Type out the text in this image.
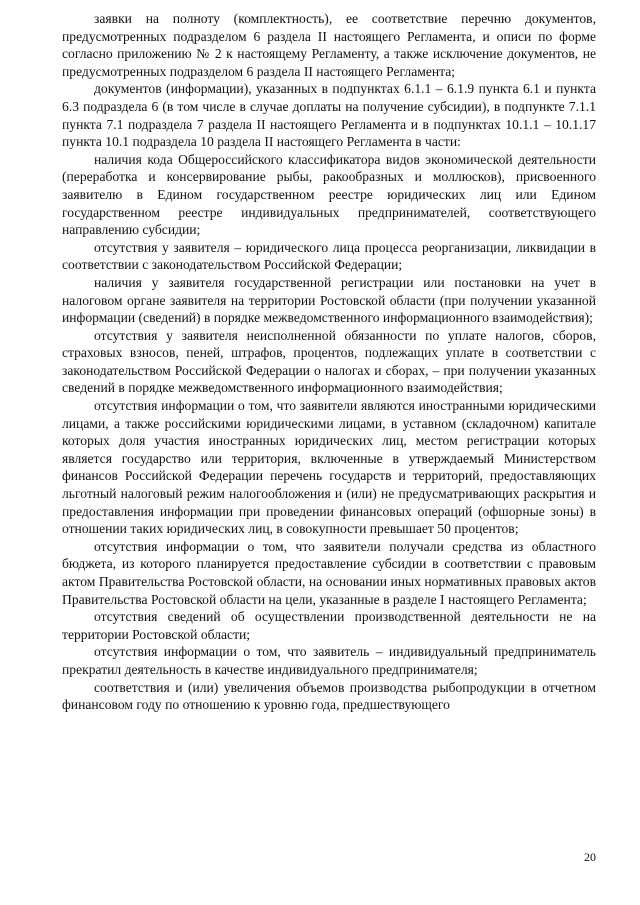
заявки на полноту (комплектность), ее соответствие перечню документов, предусмотренных подразделом 6 раздела II настоящего Регламента, и описи по форме согласно приложению № 2 к настоящему Регламенту, а также исключение документов, не предусмотренных подразделом 6 раздела II настоящего Регламента;

документов (информации), указанных в подпунктах 6.1.1 – 6.1.9 пункта 6.1 и пункта 6.3 подраздела 6 (в том числе в случае доплаты на получение субсидии), в подпункте 7.1.1 пункта 7.1 подраздела 7 раздела II настоящего Регламента и в подпунктах 10.1.1 – 10.1.17 пункта 10.1 подраздела 10 раздела II настоящего Регламента в части:

наличия кода Общероссийского классификатора видов экономической деятельности (переработка и консервирование рыбы, ракообразных и моллюсков), присвоенного заявителю в Едином государственном реестре юридических лиц или Едином государственном реестре индивидуальных предпринимателей, соответствующего направлению субсидии;

отсутствия у заявителя – юридического лица процесса реорганизации, ликвидации в соответствии с законодательством Российской Федерации;

наличия у заявителя государственной регистрации или постановки на учет в налоговом органе заявителя на территории Ростовской области (при получении указанной информации (сведений) в порядке межведомственного информационного взаимодействия);

отсутствия у заявителя неисполненной обязанности по уплате налогов, сборов, страховых взносов, пеней, штрафов, процентов, подлежащих уплате в соответствии с законодательством Российской Федерации о налогах и сборах, – при получении указанных сведений в порядке межведомственного информационного взаимодействия;

отсутствия информации о том, что заявители являются иностранными юридическими лицами, а также российскими юридическими лицами, в уставном (складочном) капитале которых доля участия иностранных юридических лиц, местом регистрации которых является государство или территория, включенные в утверждаемый Министерством финансов Российской Федерации перечень государств и территорий, предоставляющих льготный налоговый режим налогообложения и (или) не предусматривающих раскрытия и предоставления информации при проведении финансовых операций (офшорные зоны) в отношении таких юридических лиц, в совокупности превышает 50 процентов;

отсутствия информации о том, что заявители получали средства из областного бюджета, из которого планируется предоставление субсидии в соответствии с правовым актом Правительства Ростовской области, на основании иных нормативных правовых актов Правительства Ростовской области на цели, указанные в разделе I настоящего Регламента;

отсутствия сведений об осуществлении производственной деятельности не на территории Ростовской области;

отсутствия информации о том, что заявитель – индивидуальный предприниматель прекратил деятельность в качестве индивидуального предпринимателя;

соответствия и (или) увеличения объемов производства рыбопродукции в отчетном финансовом году по отношению к уровню года, предшествующего

20
